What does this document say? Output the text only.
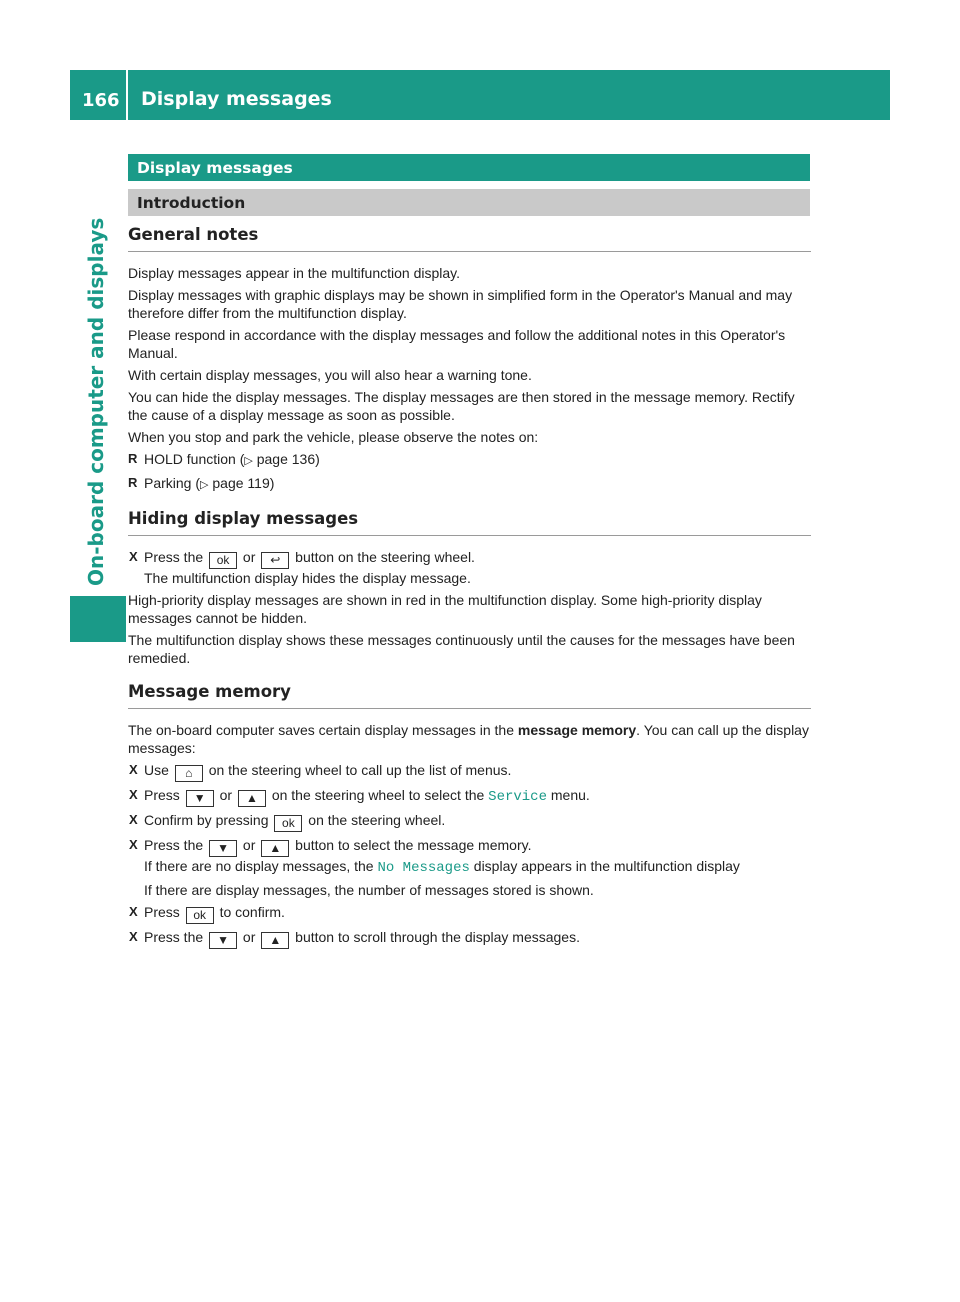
166 Display messages
On-board computer and displays
Display messages
Introduction
General notes

Display messages appear in the multifunction display.

Display messages with graphic displays may be shown in simplified form in the Operator's Manual and may therefore differ from the multifunction display.

Please respond in accordance with the display messages and follow the additional notes in this Operator's Manual.

With certain display messages, you will also hear a warning tone.

You can hide the display messages. The display messages are then stored in the message memory. Rectify the cause of a display message as soon as possible.

When you stop and park the vehicle, please observe the notes on:

R HOLD function (▷ page 136)
R Parking (▷ page 119)
Hiding display messages
X Press the ok or ↩ button on the steering wheel.

The multifunction display hides the display message.

High-priority display messages are shown in red in the multifunction display. Some high-priority display messages cannot be hidden.

The multifunction display shows these messages continuously until the causes for the messages have been remedied.

Message memory

The on-board computer saves certain display messages in the message memory. You can call up the display messages:

X Use ⌂ on the steering wheel to call up the list of menus.
X Press ▼ or ▲ on the steering wheel to select the Service menu.
X Confirm by pressing ok on the steering wheel.
X Press the ▼ or ▲ button to select the message memory.

If there are no display messages, the No Messages display appears in the multifunction display

If there are display messages, the number of messages stored is shown.

X Press ok to confirm.
X Press the ▼ or ▲ button to scroll through the display messages.
